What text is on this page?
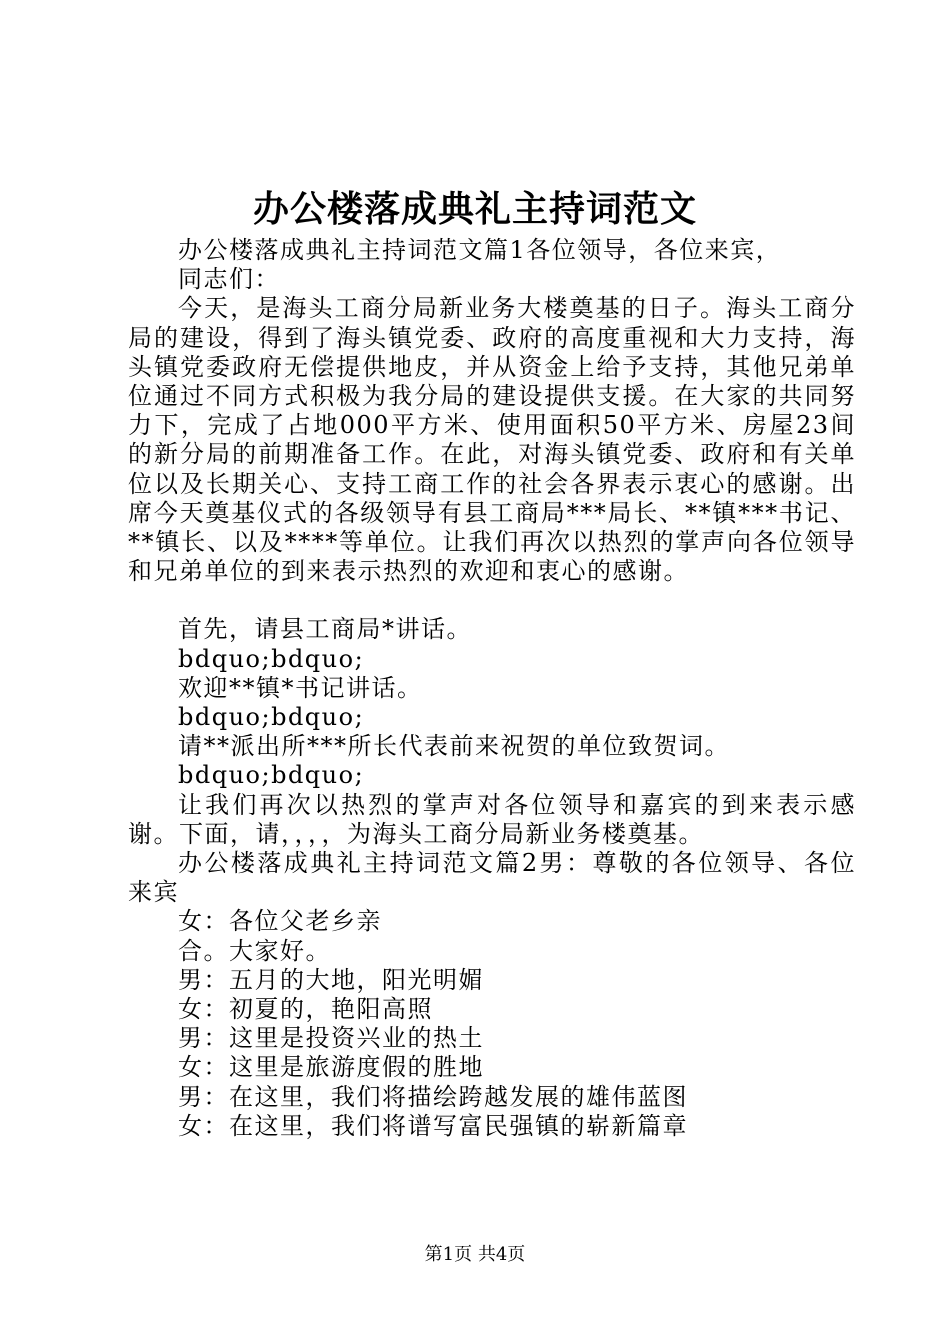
办公楼落成典礼主持词范文

办公楼落成典礼主持词范文篇1各位领导，各位来宾，

同志们：

今天，是海头工商分局新业务大楼奠基的日子。海头工商分局的建设，得到了海头镇党委、政府的高度重视和大力支持，海头镇党委政府无偿提供地皮，并从资金上给予支持，其他兄弟单位通过不同方式积极为我分局的建设提供支援。在大家的共同努力下，完成了占地000平方米、使用面积50平方米、房屋23间的新分局的前期准备工作。在此，对海头镇党委、政府和有关单位以及长期关心、支持工商工作的社会各界表示衷心的感谢。出席今天奠基仪式的各级领导有县工商局***局长、**镇***书记、**镇长、以及****等单位。让我们再次以热烈的掌声向各位领导和兄弟单位的到来表示热烈的欢迎和衷心的感谢。

首先，请县工商局*讲话。

bdquo;bdquo;

欢迎**镇*书记讲话。

bdquo;bdquo;

请**派出所***所长代表前来祝贺的单位致贺词。

bdquo;bdquo;

让我们再次以热烈的掌声对各位领导和嘉宾的到来表示感谢。下面，请，，，，为海头工商分局新业务楼奠基。

办公楼落成典礼主持词范文篇2男：尊敬的各位领导、各位来宾

女：各位父老乡亲

合。大家好。

男：五月的大地，阳光明媚

女：初夏的，艳阳高照

男：这里是投资兴业的热土

女：这里是旅游度假的胜地

男：在这里，我们将描绘跨越发展的雄伟蓝图

女：在这里，我们将谱写富民强镇的崭新篇章

第1页 共4页
